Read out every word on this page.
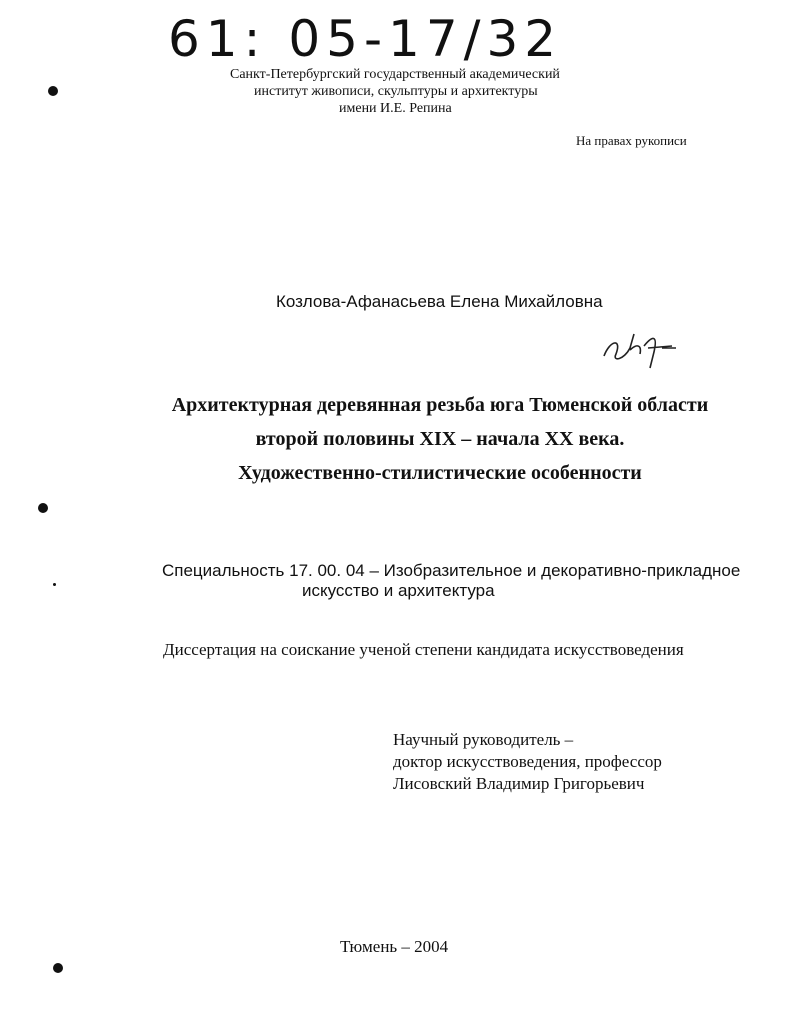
61: 05-17/32
Санкт-Петербургский государственный академический
институт живописи, скульптуры и архитектуры
имени И.Е. Репина
На правах рукописи
Козлова-Афанасьева Елена Михайловна
Архитектурная деревянная резьба юга Тюменской области
второй половины XIX – начала XX века.
Художественно-стилистические особенности
Специальность 17. 00. 04 – Изобразительное и декоративно-прикладное
искусство и архитектура
Диссертация на соискание ученой степени кандидата искусствоведения
Научный руководитель –
доктор искусствоведения, профессор
Лисовский Владимир Григорьевич
Тюмень – 2004
